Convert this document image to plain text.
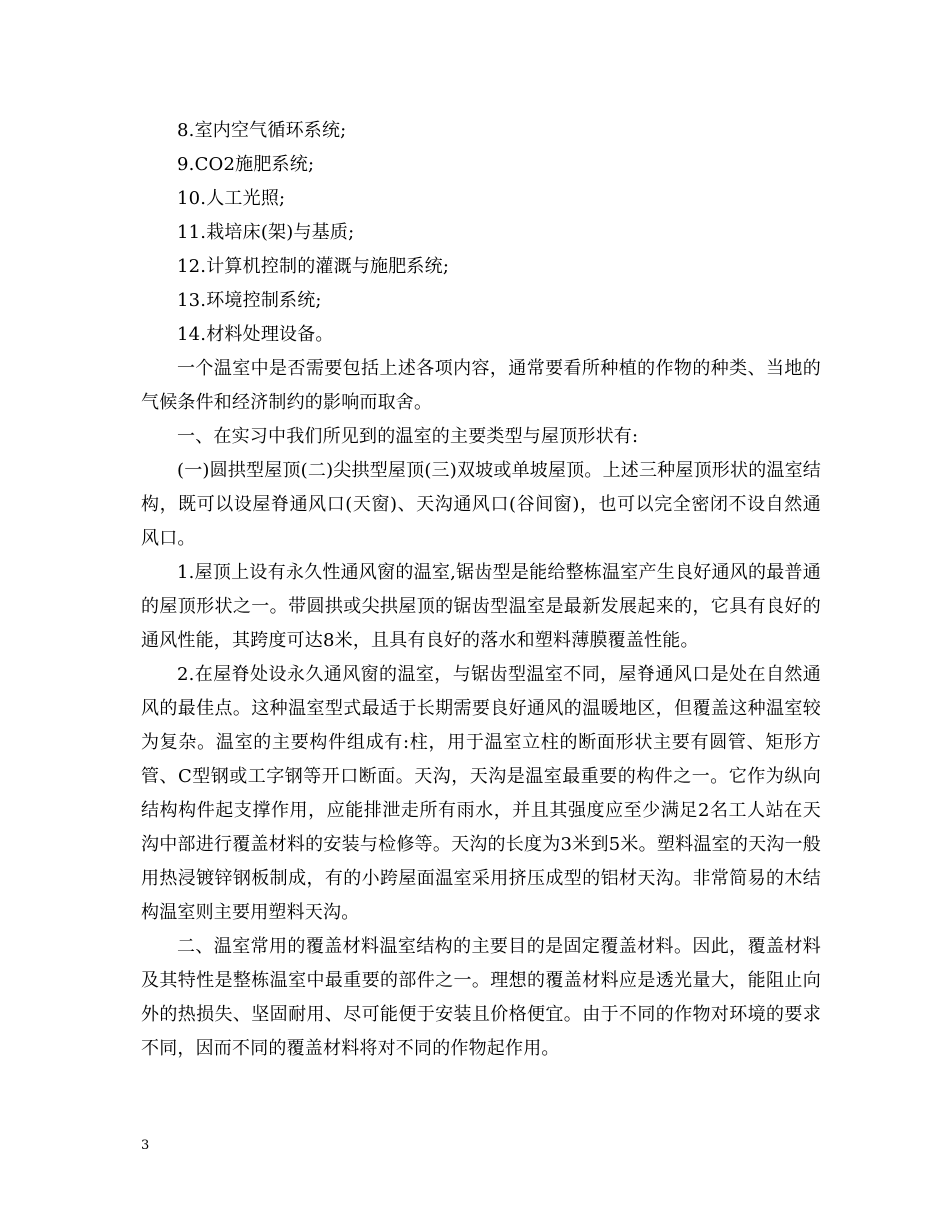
8.室内空气循环系统;

9.CO2施肥系统;

10.人工光照;

11.栽培床(架)与基质;

12.计算机控制的灌溉与施肥系统;

13.环境控制系统;

14.材料处理设备。

一个温室中是否需要包括上述各项内容，通常要看所种植的作物的种类、当地的气候条件和经济制约的影响而取舍。

一、在实习中我们所见到的温室的主要类型与屋顶形状有:

(一)圆拱型屋顶(二)尖拱型屋顶(三)双坡或单坡屋顶。上述三种屋顶形状的温室结构，既可以设屋脊通风口(天窗)、天沟通风口(谷间窗)，也可以完全密闭不设自然通风口。

1.屋顶上设有永久性通风窗的温室,锯齿型是能给整栋温室产生良好通风的最普通的屋顶形状之一。带圆拱或尖拱屋顶的锯齿型温室是最新发展起来的，它具有良好的通风性能，其跨度可达8米，且具有良好的落水和塑料薄膜覆盖性能。

2.在屋脊处设永久通风窗的温室，与锯齿型温室不同，屋脊通风口是处在自然通风的最佳点。这种温室型式最适于长期需要良好通风的温暖地区，但覆盖这种温室较为复杂。温室的主要构件组成有:柱，用于温室立柱的断面形状主要有圆管、矩形方管、C型钢或工字钢等开口断面。天沟，天沟是温室最重要的构件之一。它作为纵向结构构件起支撑作用，应能排泄走所有雨水，并且其强度应至少满足2名工人站在天沟中部进行覆盖材料的安装与检修等。天沟的长度为3米到5米。塑料温室的天沟一般用热浸镀锌钢板制成，有的小跨屋面温室采用挤压成型的铝材天沟。非常简易的木结构温室则主要用塑料天沟。

二、温室常用的覆盖材料温室结构的主要目的是固定覆盖材料。因此，覆盖材料及其特性是整栋温室中最重要的部件之一。理想的覆盖材料应是透光量大，能阻止向外的热损失、坚固耐用、尽可能便于安装且价格便宜。由于不同的作物对环境的要求不同，因而不同的覆盖材料将对不同的作物起作用。

3
